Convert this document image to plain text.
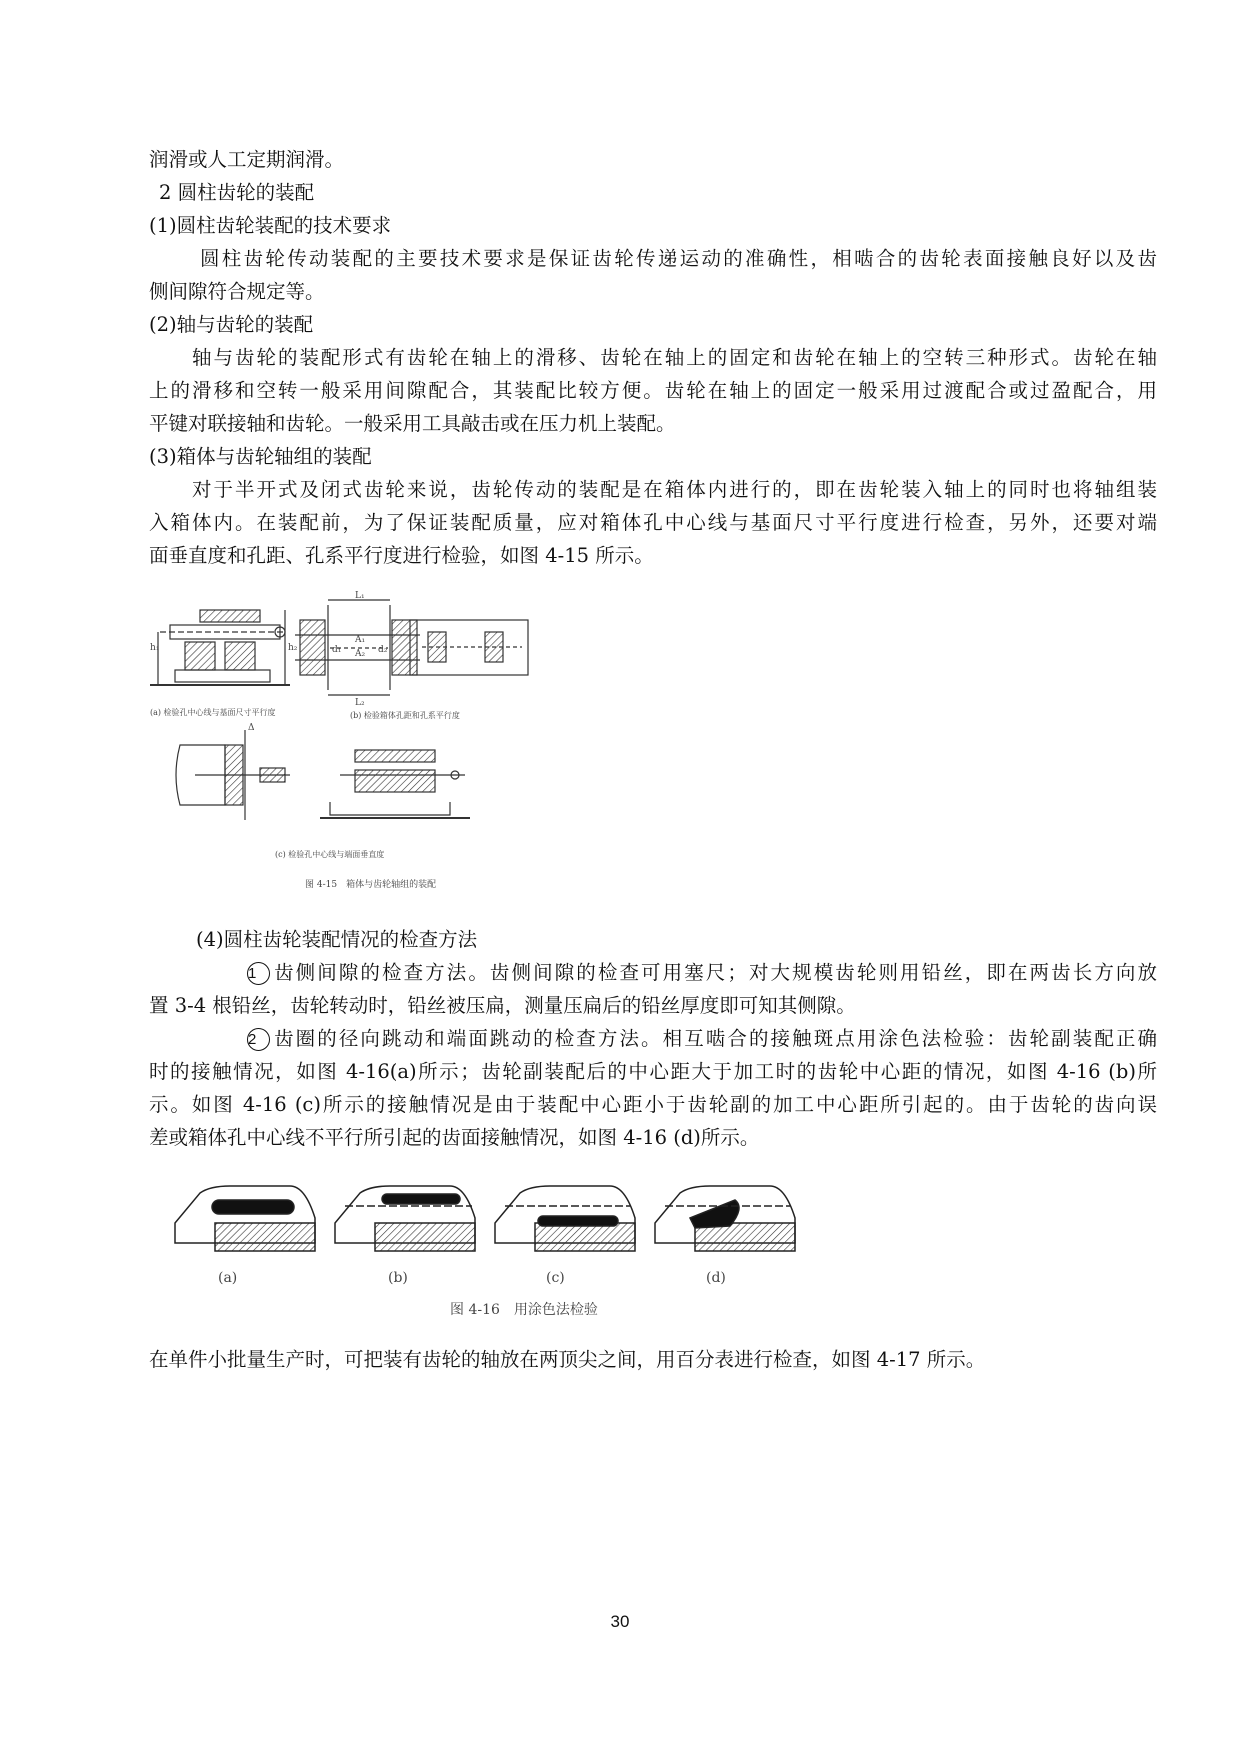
润滑或人工定期润滑。
2 圆柱齿轮的装配
(1)圆柱齿轮装配的技术要求
圆柱齿轮传动装配的主要技术要求是保证齿轮传递运动的准确性，相啮合的齿轮表面接触良好以及齿
侧间隙符合规定等。
(2)轴与齿轮的装配
轴与齿轮的装配形式有齿轮在轴上的滑移、齿轮在轴上的固定和齿轮在轴上的空转三种形式。齿轮在轴
上的滑移和空转一般采用间隙配合，其装配比较方便。齿轮在轴上的固定一般采用过渡配合或过盈配合，用
平键对联接轴和齿轮。一般采用工具敲击或在压力机上装配。
(3)箱体与齿轮轴组的装配
对于半开式及闭式齿轮来说，齿轮传动的装配是在箱体内进行的，即在齿轮装入轴上的同时也将轴组装
入箱体内。在装配前，为了保证装配质量，应对箱体孔中心线与基面尺寸平行度进行检查，另外，还要对端
面垂直度和孔距、孔系平行度进行检验，如图 4-15 所示。
L₁
A₁
A₂
L₂
d₁	d₂
h₁	h₂
Δ
(a) 检验孔中心线与基面尺寸平行度	(b) 检验箱体孔距和孔系平行度
(c) 检验孔中心线与端面垂直度
图 4-15　箱体与齿轮轴组的装配
(4)圆柱齿轮装配情况的检查方法
1 齿侧间隙的检查方法。齿侧间隙的检查可用塞尺；对大规模齿轮则用铅丝，即在两齿长方向放
置 3-4 根铅丝，齿轮转动时，铅丝被压扁，测量压扁后的铅丝厚度即可知其侧隙。
2 齿圈的径向跳动和端面跳动的检查方法。相互啮合的接触斑点用涂色法检验：齿轮副装配正确
时的接触情况，如图 4-16(a)所示；齿轮副装配后的中心距大于加工时的齿轮中心距的情况，如图 4-16 (b)所
示。如图 4-16 (c)所示的接触情况是由于装配中心距小于齿轮副的加工中心距所引起的。由于齿轮的齿向误
差或箱体孔中心线不平行所引起的齿面接触情况，如图 4-16 (d)所示。
(a)	(b)	(c)	(d)
图 4-16　用涂色法检验
在单件小批量生产时，可把装有齿轮的轴放在两顶尖之间，用百分表进行检查，如图 4-17 所示。
30
